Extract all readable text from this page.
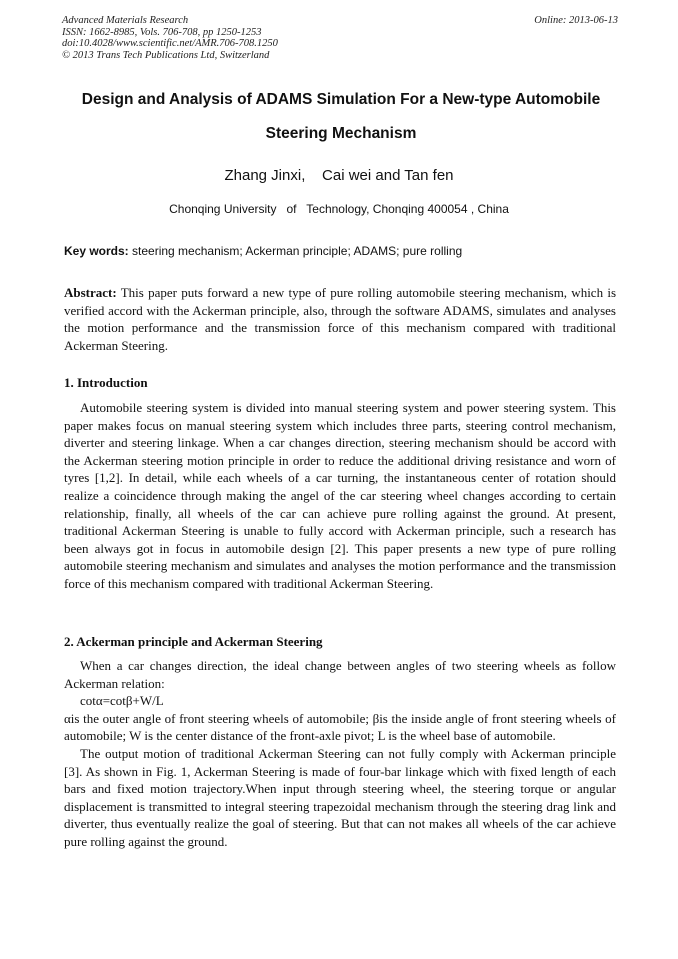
Advanced Materials Research
ISSN: 1662-8985, Vols. 706-708, pp 1250-1253
doi:10.4028/www.scientific.net/AMR.706-708.1250
© 2013 Trans Tech Publications Ltd, Switzerland
Online: 2013-06-13
Design and Analysis of ADAMS Simulation For a New-type Automobile
Steering Mechanism
Zhang Jinxi,    Cai wei and Tan fen
Chonqing University   of   Technology, Chonqing 400054 , China
Key words: steering mechanism; Ackerman principle; ADAMS; pure rolling

Abstract: This paper puts forward a new type of pure rolling automobile steering mechanism, which is verified accord with the Ackerman principle, also, through the software ADAMS, simulates and analyses the motion performance and the transmission force of this mechanism compared with traditional Ackerman Steering.

1. Introduction

Automobile steering system is divided into manual steering system and power steering system. This paper makes focus on manual steering system which includes three parts, steering control mechanism, diverter and steering linkage. When a car changes direction, steering mechanism should be accord with the Ackerman steering motion principle in order to reduce the additional driving resistance and worn of tyres [1,2]. In detail, while each wheels of a car turning, the instantaneous center of rotation should realize a coincidence through making the angel of the car steering wheel changes according to certain relationship, finally, all wheels of the car can achieve pure rolling against the ground. At present, traditional Ackerman Steering is unable to fully accord with Ackerman principle, such a research has been always got in focus in automobile design [2]. This paper presents a new type of pure rolling automobile steering mechanism and simulates and analyses the motion performance and the transmission force of this mechanism compared with traditional Ackerman Steering.

2. Ackerman principle and Ackerman Steering

When a car changes direction, the ideal change between angles of two steering wheels as follow Ackerman relation:

cotα=cotβ+W/L

αis the outer angle of front steering wheels of automobile; βis the inside angle of front steering wheels of automobile; W is the center distance of the front-axle pivot; L is the wheel base of automobile.

The output motion of traditional Ackerman Steering can not fully comply with Ackerman principle [3]. As shown in Fig. 1, Ackerman Steering is made of four-bar linkage which with fixed length of each bars and fixed motion trajectory.When input through steering wheel, the steering torque or angular displacement is transmitted to integral steering trapezoidal mechanism through the steering drag link and diverter, thus eventually realize the goal of steering. But that can not makes all wheels of the car achieve pure rolling against the ground.
